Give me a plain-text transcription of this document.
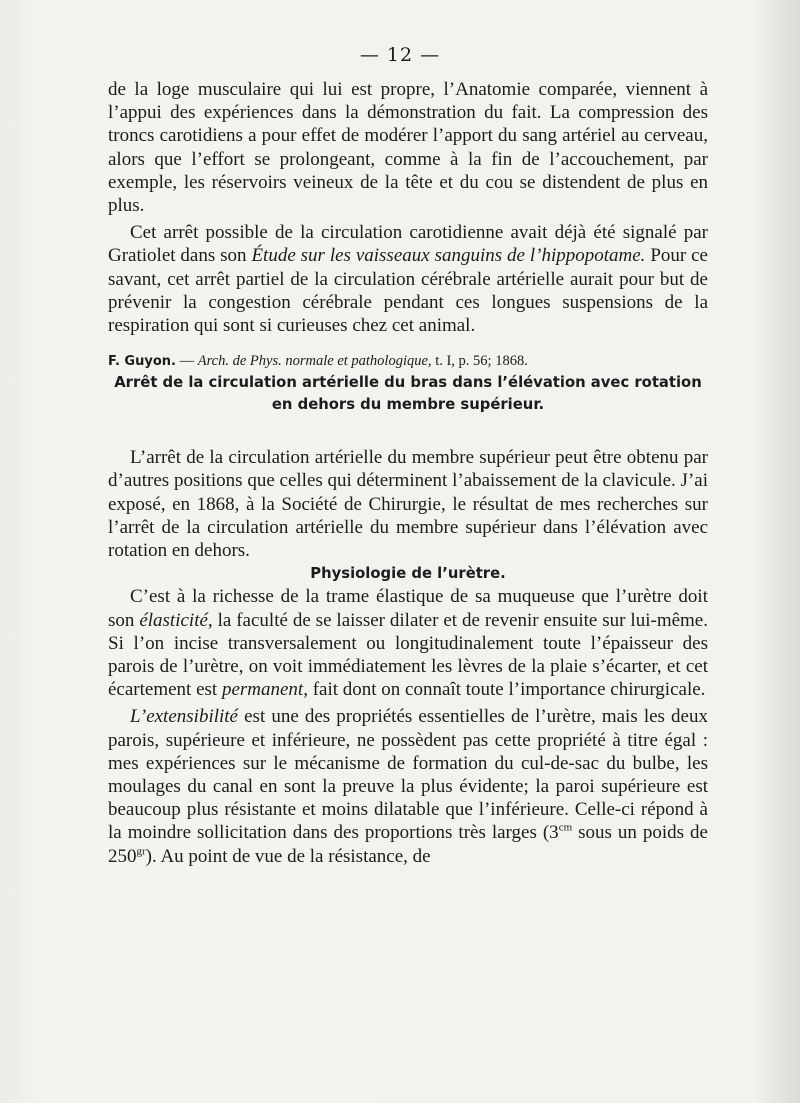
— 12 —

de la loge musculaire qui lui est propre, l’Anatomie comparée, viennent à l’appui des expériences dans la démonstration du fait. La compression des troncs carotidiens a pour effet de modérer l’apport du sang artériel au cerveau, alors que l’effort se prolongeant, comme à la fin de l’accouchement, par exemple, les réservoirs veineux de la tête et du cou se distendent de plus en plus.

Cet arrêt possible de la circulation carotidienne avait déjà été signalé par Gratiolet dans son Étude sur les vaisseaux sanguins de l’hippopotame. Pour ce savant, cet arrêt partiel de la circulation cérébrale artérielle aurait pour but de prévenir la congestion cérébrale pendant ces longues suspensions de la respiration qui sont si curieuses chez cet animal.

F. Guyon. — Arch. de Phys. normale et pathologique, t. I, p. 56; 1868.

Arrêt de la circulation artérielle du bras dans l’élévation avec rotation en dehors du membre supérieur.

L’arrêt de la circulation artérielle du membre supérieur peut être obtenu par d’autres positions que celles qui déterminent l’abaissement de la clavicule. J’ai exposé, en 1868, à la Société de Chirurgie, le résultat de mes recherches sur l’arrêt de la circulation artérielle du membre supérieur dans l’élévation avec rotation en dehors.

Physiologie de l’urètre.

C’est à la richesse de la trame élastique de sa muqueuse que l’urètre doit son élasticité, la faculté de se laisser dilater et de revenir ensuite sur lui-même. Si l’on incise transversalement ou longitudinalement toute l’épaisseur des parois de l’urètre, on voit immédiatement les lèvres de la plaie s’écarter, et cet écartement est permanent, fait dont on connaît toute l’importance chirurgicale.

L’extensibilité est une des propriétés essentielles de l’urètre, mais les deux parois, supérieure et inférieure, ne possèdent pas cette propriété à titre égal : mes expériences sur le mécanisme de formation du cul-de-sac du bulbe, les moulages du canal en sont la preuve la plus évidente; la paroi supérieure est beaucoup plus résistante et moins dilatable que l’inférieure. Celle-ci répond à la moindre sollicitation dans des proportions très larges ($3^{cm}$ sous un poids de $250^{gr}$). Au point de vue de la résistance, de
